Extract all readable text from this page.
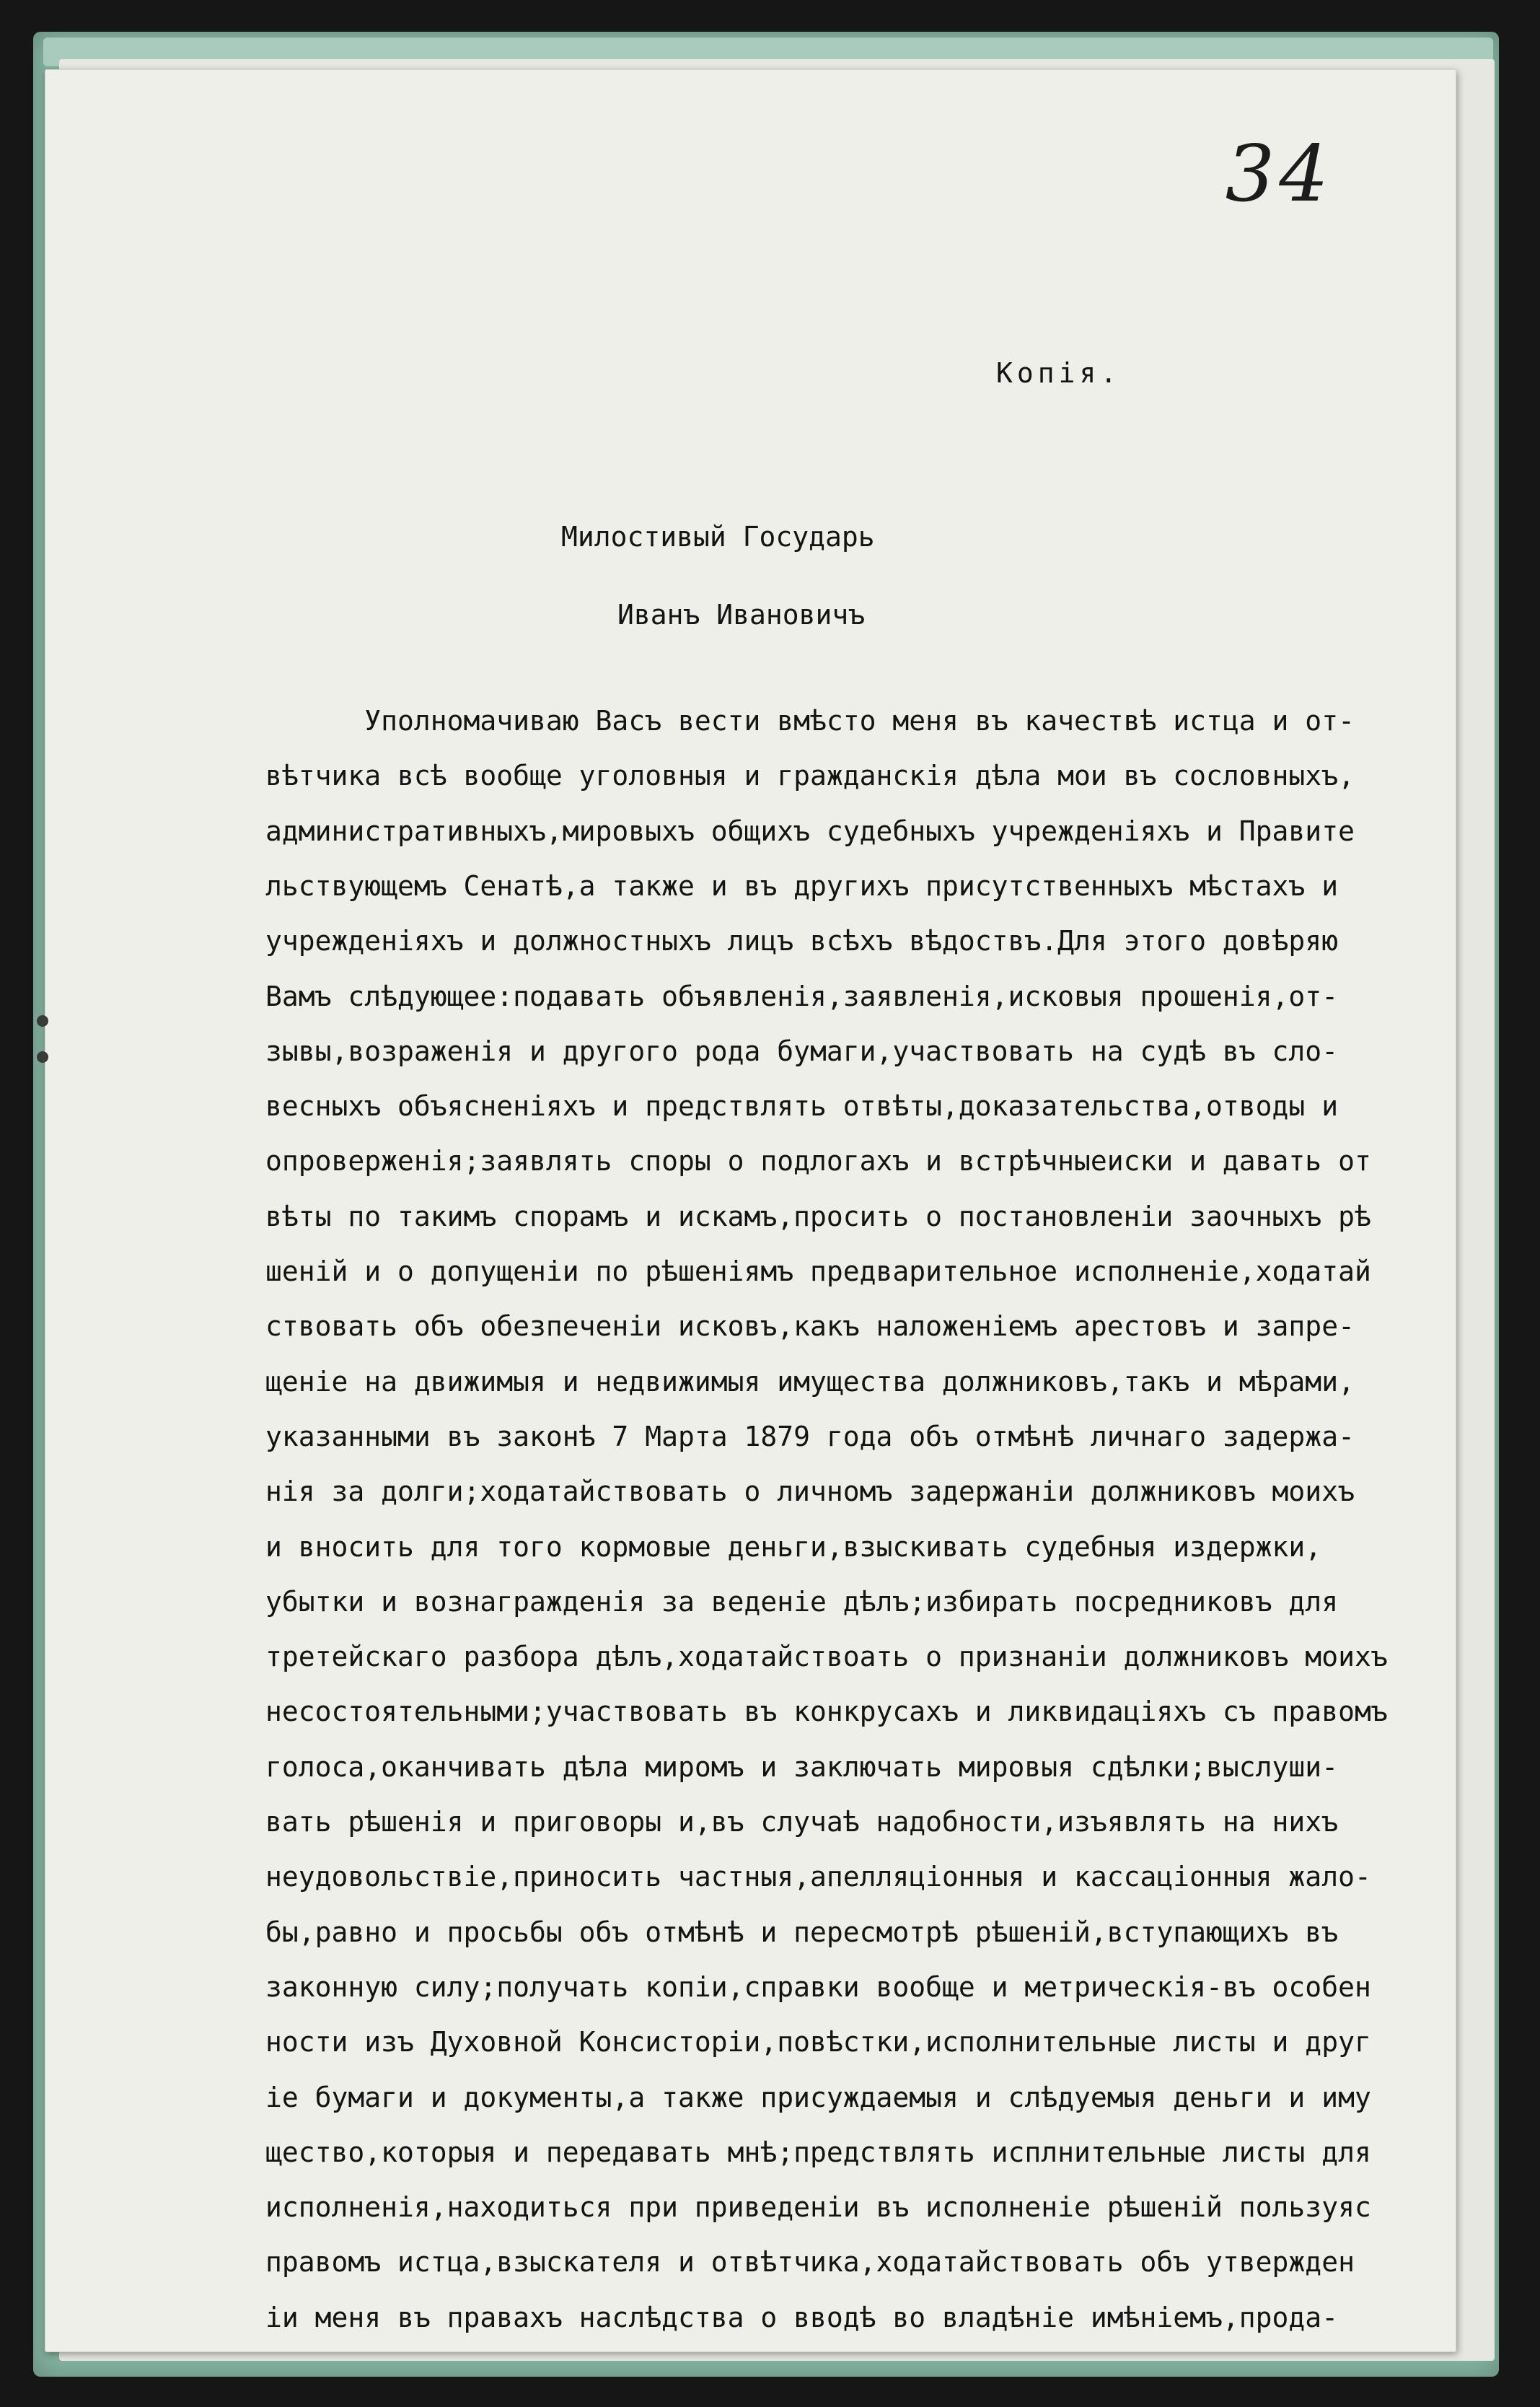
34
Копія.
Милостивый Государь
Иванъ Ивановичъ
Уполномачиваю Васъ вести вмѣсто меня въ качествѣ истца и от-
вѣтчика всѣ вообще уголовныя и гражданскія дѣла мои въ сословныхъ,
административныхъ,мировыхъ общихъ судебныхъ учрежденіяхъ и Правите
льствующемъ Сенатѣ,а также и въ другихъ присутственныхъ мѣстахъ и
учрежденіяхъ и должностныхъ лицъ всѣхъ вѣдоствъ.Для этого довѣряю
Вамъ слѣдующее:подавать объявленія,заявленія,исковыя прошенія,от-
зывы,возраженія и другого рода бумаги,участвовать на судѣ въ сло-
весныхъ объясненіяхъ и предствлять отвѣты,доказательства,отводы и
опроверженія;заявлять споры о подлогахъ и встрѣчныеиски и давать от
вѣты по такимъ спорамъ и искамъ,просить о постановленіи заочныхъ рѣ
шеній и о допущеніи по рѣшеніямъ предварительное исполненіе,ходатай
ствовать объ обезпеченіи исковъ,какъ наложеніемъ арестовъ и запре-
щеніе на движимыя и недвижимыя имущества должниковъ,такъ и мѣрами,
указанными въ законѣ 7 Марта 1879 года объ отмѣнѣ личнаго задержа-
нія за долги;ходатайствовать о личномъ задержаніи должниковъ моихъ
и вносить для того кормовые деньги,взыскивать судебныя издержки,
убытки и вознагражденія за веденіе дѣлъ;избирать посредниковъ для
третейскаго разбора дѣлъ,ходатайствоать о признаніи должниковъ моихъ
несостоятельными;участвовать въ конкрусахъ и ликвидаціяхъ съ правомъ
голоса,оканчивать дѣла миромъ и заключать мировыя сдѣлки;выслуши-
вать рѣшенія и приговоры и,въ случаѣ надобности,изъявлять на нихъ
неудовольствіе,приносить частныя,апелляціонныя и кассаціонныя жало-
бы,равно и просьбы объ отмѣнѣ и пересмотрѣ рѣшеній,вступающихъ въ
законную силу;получать копіи,справки вообще и метрическія-въ особен
ности изъ Духовной Консисторіи,повѣстки,исполнительные листы и друг
іе бумаги и документы,а также присуждаемыя и слѣдуемыя деньги и иму
щество,которыя и передавать мнѣ;предствлять исплнительные листы для
исполненія,находиться при приведеніи въ исполненіе рѣшеній пользуяс
правомъ истца,взыскателя и отвѣтчика,ходатайствовать объ утвержден
іи меня въ правахъ наслѣдства о вводѣ во владѣніе имѣніемъ,прода-
